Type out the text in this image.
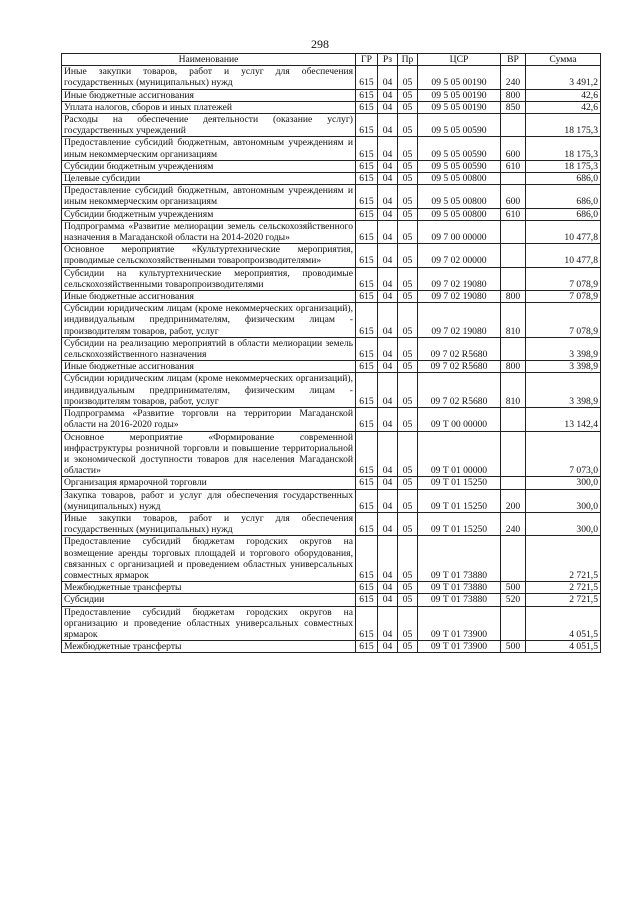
298
Наименование	ГР	Рз	Пр	ЦСР	ВР	Сумма
Иные закупки товаров, работ и услуг для обеспечения государственных (муниципальных) нужд	615	04	05	09 5 05 00190	240	3 491,2
Иные бюджетные ассигнования	615	04	05	09 5 05 00190	800	42,6
Уплата налогов, сборов и иных платежей	615	04	05	09 5 05 00190	850	42,6
Расходы на обеспечение деятельности (оказание услуг) государственных учреждений	615	04	05	09 5 05 00590		18 175,3
Предоставление субсидий бюджетным, автономным учреждениям и иным некоммерческим организациям	615	04	05	09 5 05 00590	600	18 175,3
Субсидии бюджетным учреждениям	615	04	05	09 5 05 00590	610	18 175,3
Целевые субсидии	615	04	05	09 5 05 00800		686,0
Предоставление субсидий бюджетным, автономным учреждениям и иным некоммерческим организациям	615	04	05	09 5 05 00800	600	686,0
Субсидии бюджетным учреждениям	615	04	05	09 5 05 00800	610	686,0
Подпрограмма «Развитие мелиорации земель сельскохозяйственного назначения в Магаданской области на 2014-2020 годы»	615	04	05	09 7 00 00000		10 477,8
Основное мероприятие «Культуртехнические мероприятия, проводимые сельскохозяйственными товаропроизводителями»	615	04	05	09 7 02 00000		10 477,8
Субсидии на культуртехнические мероприятия, проводимые сельскохозяйственными товаропроизводителями	615	04	05	09 7 02 19080		7 078,9
Иные бюджетные ассигнования	615	04	05	09 7 02 19080	800	7 078,9
Субсидии юридическим лицам (кроме некоммерческих организаций), индивидуальным предпринимателям, физическим лицам - производителям товаров, работ, услуг	615	04	05	09 7 02 19080	810	7 078,9
Субсидии на реализацию мероприятий в области мелиорации земель сельскохозяйственного назначения	615	04	05	09 7 02 R5680		3 398,9
Иные бюджетные ассигнования	615	04	05	09 7 02 R5680	800	3 398,9
Субсидии юридическим лицам (кроме некоммерческих организаций), индивидуальным предпринимателям, физическим лицам - производителям товаров, работ, услуг	615	04	05	09 7 02 R5680	810	3 398,9
Подпрограмма «Развитие торговли на территории Магаданской области на 2016-2020 годы»	615	04	05	09 Т 00 00000		13 142,4
Основное мероприятие «Формирование современной инфраструктуры розничной торговли и повышение территориальной и экономической доступности товаров для населения Магаданской области»	615	04	05	09 Т 01 00000		7 073,0
Организация ярмарочной торговли	615	04	05	09 Т 01 15250		300,0
Закупка товаров, работ и услуг для обеспечения государственных (муниципальных) нужд	615	04	05	09 Т 01 15250	200	300,0
Иные закупки товаров, работ и услуг для обеспечения государственных (муниципальных) нужд	615	04	05	09 Т 01 15250	240	300,0
Предоставление субсидий бюджетам городских округов на возмещение аренды торговых площадей и торгового оборудования, связанных с организацией и проведением областных универсальных совместных ярмарок	615	04	05	09 Т 01 73880		2 721,5
Межбюджетные трансферты	615	04	05	09 Т 01 73880	500	2 721,5
Субсидии	615	04	05	09 Т 01 73880	520	2 721,5
Предоставление субсидий бюджетам городских округов на организацию и проведение областных универсальных совместных ярмарок	615	04	05	09 Т 01 73900		4 051,5
Межбюджетные трансферты	615	04	05	09 Т 01 73900	500	4 051,5
